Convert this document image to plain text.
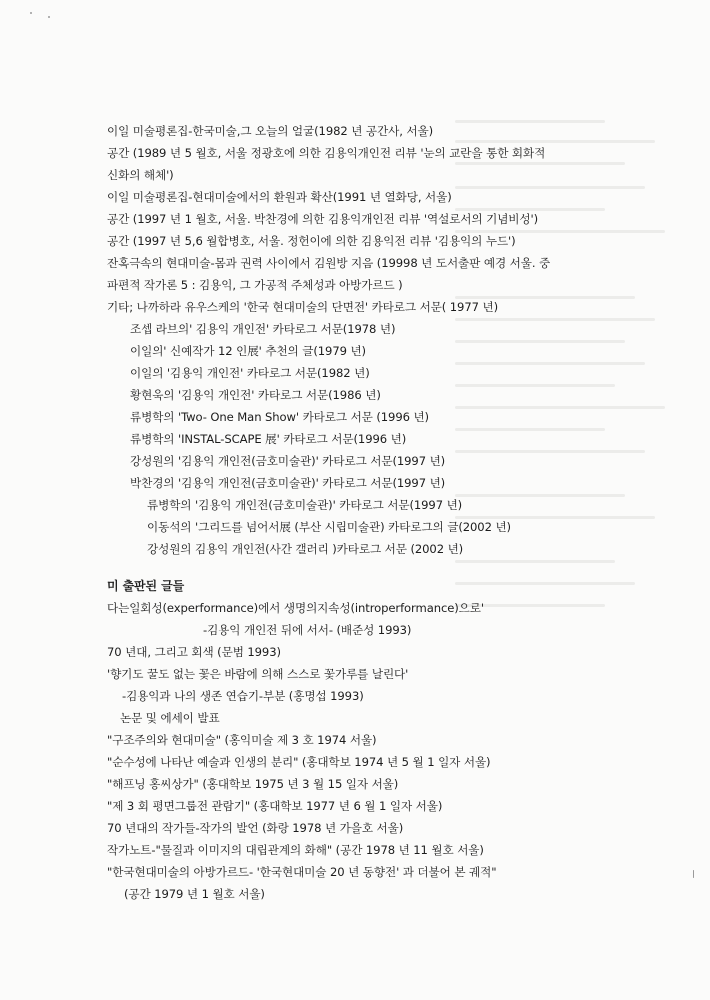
이일 미술평론집-한국미술,그 오늘의 얼굴(1982 년 공간사, 서울)
공간 (1989 년 5 월호, 서울 정광호에 의한 김용익개인전 리뷰 '눈의 교란을 통한 회화적
신화의 해체')
이일 미술평론집-현대미술에서의 환원과 확산(1991 년 열화당, 서울)
공간 (1997 년 1 월호, 서울. 박찬경에 의한 김용익개인전 리뷰 '역설로서의 기념비성')
공간 (1997 년 5,6 월합병호, 서울. 정헌이에 의한 김용익전 리뷰 '김용익의 누드')
잔혹극속의 현대미술-몸과 권력 사이에서 김원방 지음 (19998 년 도서출판 예경 서울. 중
파편적 작가론 5 : 김용익, 그 가공적 주체성과 아방가르드 )
기타; 나까하라 유우스케의 '한국 현대미술의 단면전' 카타로그 서문( 1977 년)
조셉 라브의' 김용익 개인전' 카타로그 서문(1978 년)
이일의' 신예작가 12 인展' 추천의 글(1979 년)
이일의 '김용익 개인전' 카타로그 서문(1982 년)
황현욱의 '김용익 개인전' 카타로그 서문(1986 년)
류병학의 'Two- One Man Show' 카타로그 서문 (1996 년)
류병학의 'INSTAL-SCAPE 展' 카타로그 서문(1996 년)
강성원의 '김용익 개인전(금호미술관)' 카타로그 서문(1997 년)
박찬경의 '김용익 개인전(금호미술관)' 카타로그 서문(1997 년)
류병학의 '김용익 개인전(금호미술관)' 카타로그 서문(1997 년)
이동석의 '그리드를 넘어서展 (부산 시립미술관) 카타로그의 글(2002 년)
강성원의 김용익 개인전(사간 갤러리 )카타로그 서문 (2002 년)
미 출판된 글들
다는일회성(experformance)에서 생명의지속성(introperformance)으로'
-김용익 개인전 뒤에 서서- (배준성 1993)
70 년대, 그리고 회색 (문범 1993)
'향기도 꿀도 없는 꽃은 바람에 의해 스스로 꽃가루를 날린다'
-김용익과 나의 생존 연습기-부분 (홍명섭 1993)
논문 및 에세이 발표
"구조주의와 현대미술" (홍익미술 제 3 호 1974 서울)
"순수성에 나타난 예술과 인생의 분리" (홍대학보 1974 년 5 월 1 일자 서울)
"해프닝 홍씨상가" (홍대학보 1975 년 3 월 15 일자 서울)
"제 3 회 평면그룹전 관람기" (홍대학보 1977 년 6 월 1 일자 서울)
70 년대의 작가들-작가의 발언 (화랑 1978 년 가을호 서울)
작가노트-"물질과 이미지의 대립관계의 화해" (공간 1978 년 11 월호 서울)
"한국현대미술의 아방가르드- '한국현대미술 20 년 동향전' 과 더불어 본 궤적"
(공간 1979 년 1 월호 서울)
